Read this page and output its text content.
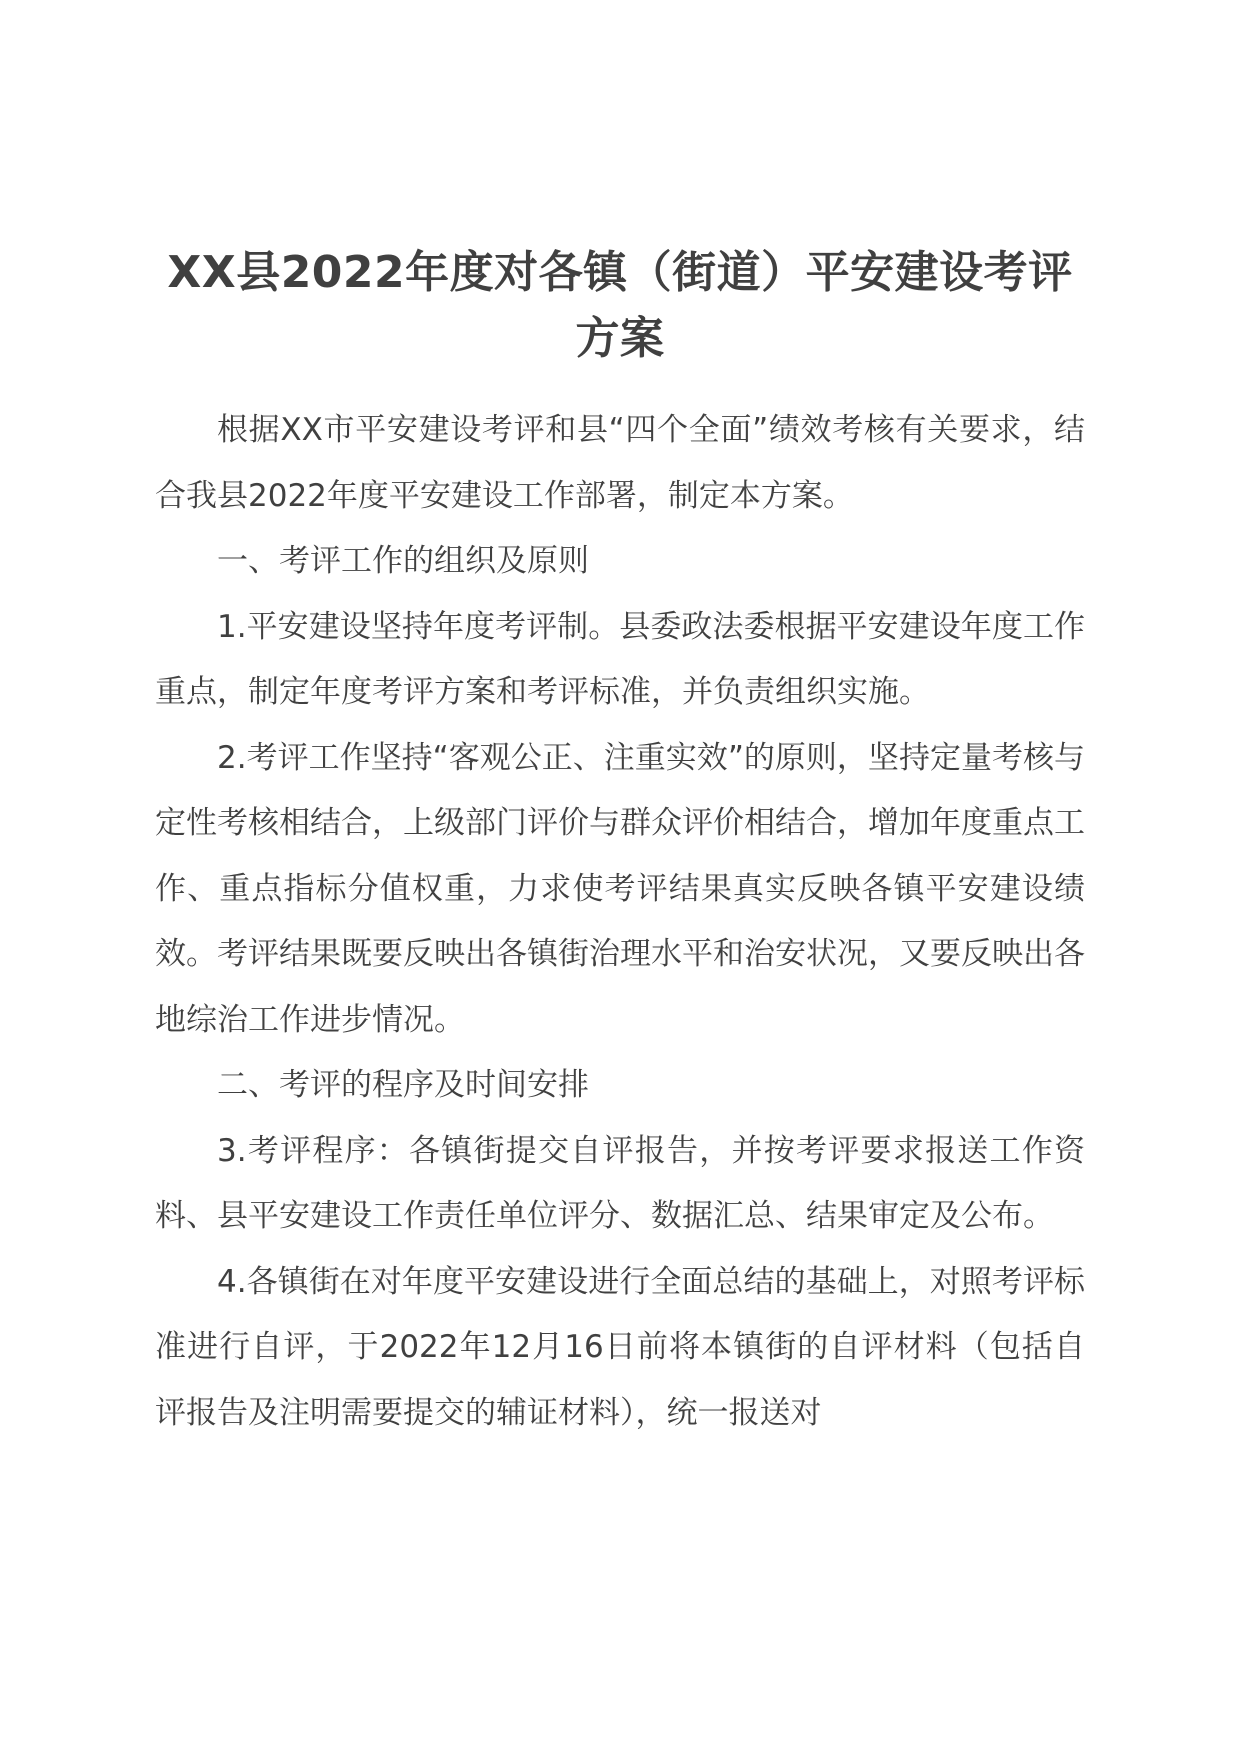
XX县2022年度对各镇（街道）平安建设考评方案

根据XX市平安建设考评和县“四个全面”绩效考核有关要求，结合我县2022年度平安建设工作部署，制定本方案。

一、考评工作的组织及原则

1.平安建设坚持年度考评制。县委政法委根据平安建设年度工作重点，制定年度考评方案和考评标准，并负责组织实施。

2.考评工作坚持“客观公正、注重实效”的原则，坚持定量考核与定性考核相结合，上级部门评价与群众评价相结合，增加年度重点工作、重点指标分值权重，力求使考评结果真实反映各镇平安建设绩效。考评结果既要反映出各镇街治理水平和治安状况，又要反映出各地综治工作进步情况。

二、考评的程序及时间安排

3.考评程序：各镇街提交自评报告，并按考评要求报送工作资料、县平安建设工作责任单位评分、数据汇总、结果审定及公布。

4.各镇街在对年度平安建设进行全面总结的基础上，对照考评标准进行自评，于2022年12月16日前将本镇街的自评材料（包括自评报告及注明需要提交的辅证材料），统一报送对
